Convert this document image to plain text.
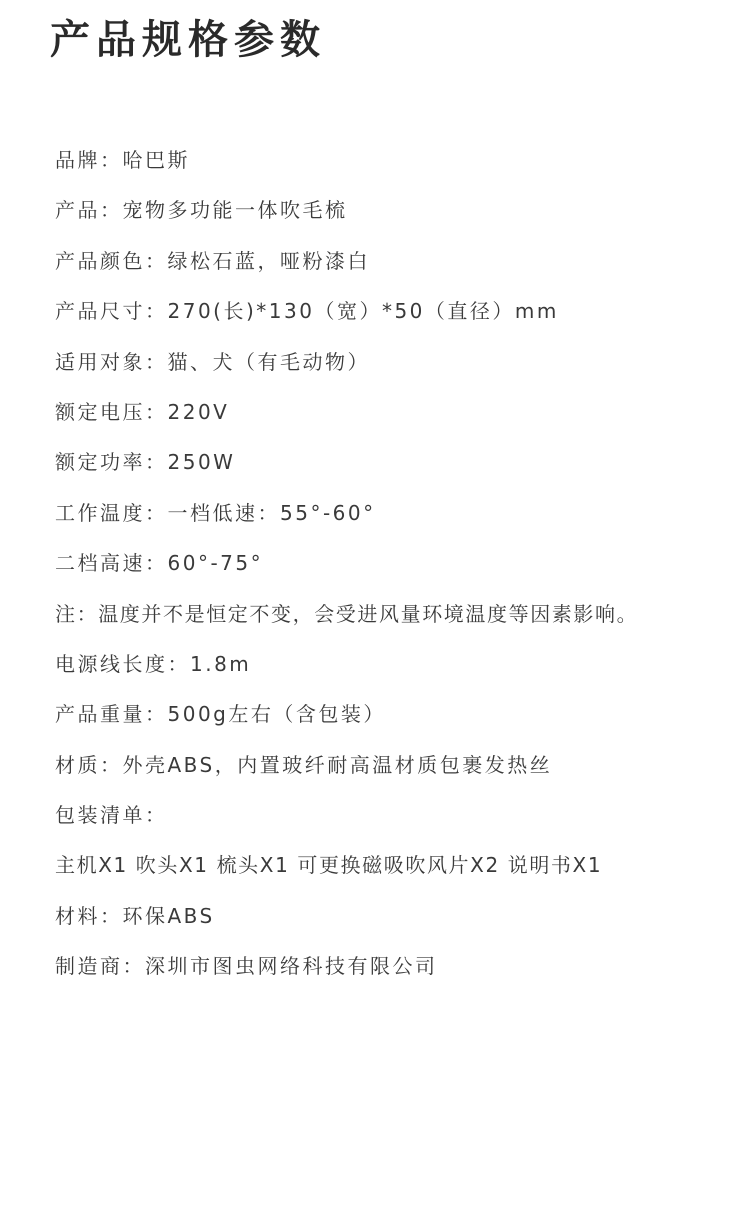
产品规格参数
品牌：哈巴斯
产品：宠物多功能一体吹毛梳
产品颜色：绿松石蓝，哑粉漆白
产品尺寸：270(长)*130（宽）*50（直径）mm
适用对象：猫、犬（有毛动物）
额定电压：220V
额定功率：250W
工作温度：一档低速：55°-60°
二档高速：60°-75°
注：温度并不是恒定不变，会受进风量环境温度等因素影响。
电源线长度：1.8m
产品重量：500g左右（含包装）
材质：外壳ABS，内置玻纤耐高温材质包裹发热丝
包装清单：
主机X1 吹头X1 梳头X1 可更换磁吸吹风片X2 说明书X1
材料：环保ABS
制造商：深圳市图虫网络科技有限公司
